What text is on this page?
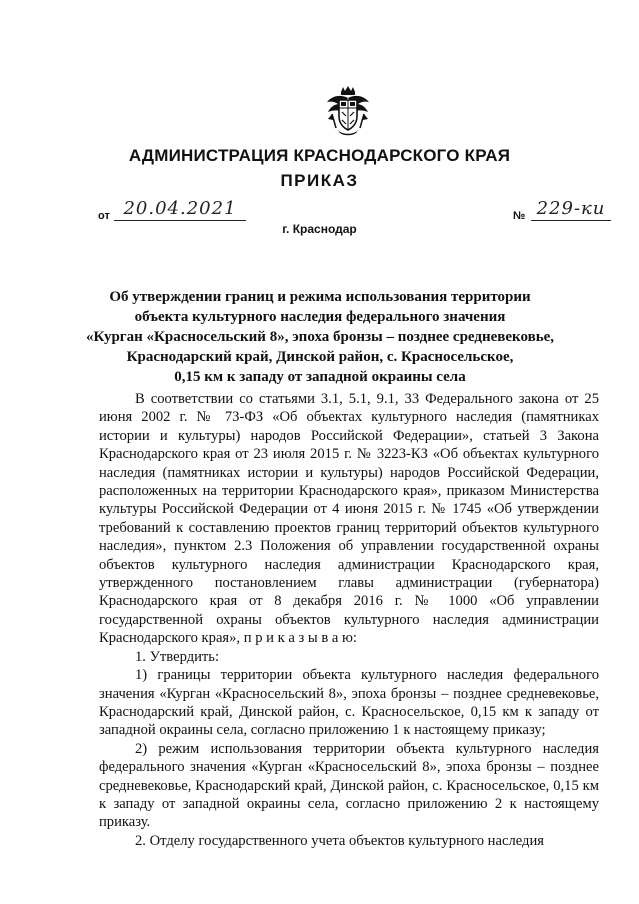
АДМИНИСТРАЦИЯ КРАСНОДАРСКОГО КРАЯ
ПРИКАЗ
от 20.04.2021	№ 229-ки
г. Краснодар
Об утверждении границ и режима использования территории
объекта культурного наследия федерального значения
«Курган «Красносельский 8», эпоха бронзы – позднее средневековье,
Краснодарский край, Динской район, с. Красносельское,
0,15 км к западу от западной окраины села

В соответствии со статьями 3.1, 5.1, 9.1, 33 Федерального закона от 25 июня 2002 г. № 73-ФЗ «Об объектах культурного наследия (памятниках истории и культуры) народов Российской Федерации», статьей 3 Закона Краснодарского края от 23 июля 2015 г. № 3223-КЗ «Об объектах культурного наследия (памятниках истории и культуры) народов Российской Федерации, расположенных на территории Краснодарского края», приказом Министерства культуры Российской Федерации от 4 июня 2015 г. № 1745 «Об утверждении требований к составлению проектов границ территорий объектов культурного наследия», пунктом 2.3 Положения об управлении государственной охраны объектов культурного наследия администрации Краснодарского края, утвержденного постановлением главы администрации (губернатора) Краснодарского края от 8 декабря 2016 г. № 1000 «Об управлении государственной охраны объектов культурного наследия администрации Краснодарского края», п р и к а з ы в а ю:

1. Утвердить:

1) границы территории объекта культурного наследия федерального значения «Курган «Красносельский 8», эпоха бронзы – позднее средневековье, Краснодарский край, Динской район, с. Красносельское, 0,15 км к западу от западной окраины села, согласно приложению 1 к настоящему приказу;

2) режим использования территории объекта культурного наследия федерального значения «Курган «Красносельский 8», эпоха бронзы – позднее средневековье, Краснодарский край, Динской район, с. Красносельское, 0,15 км к западу от западной окраины села, согласно приложению 2 к настоящему приказу.

2. Отделу государственного учета объектов культурного наследия
